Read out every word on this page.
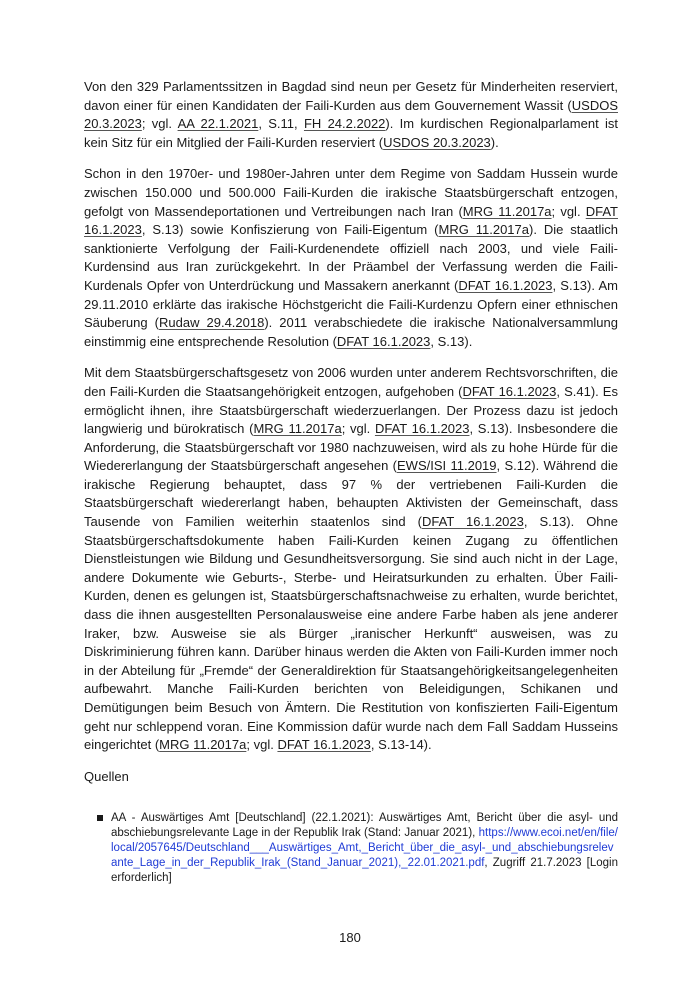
Von den 329 Parlamentssitzen in Bagdad sind neun per Gesetz für Minderheiten reserviert, davon einer für einen Kandidaten der Faili-Kurden aus dem Gouvernement Wassit (USDOS 20.3.2023; vgl. AA 22.1.2021, S.11, FH 24.2.2022). Im kurdischen Regionalparlament ist kein Sitz für ein Mitglied der Faili-Kurden reserviert (USDOS 20.3.2023).

Schon in den 1970er- und 1980er-Jahren unter dem Regime von Saddam Hussein wurde zwischen 150.000 und 500.000 Faili-Kurden die irakische Staatsbürgerschaft entzogen, gefolgt von Massendeportationen und Vertreibungen nach Iran (MRG 11.2017a; vgl. DFAT 16.1.2023, S.13) sowie Konfiszierung von Faili-Eigentum (MRG 11.2017a). Die staatlich sanktionierte Verfolgung der Faili-Kurdenendete offiziell nach 2003, und viele Faili-Kurdensind aus Iran zurückgekehrt. In der Präambel der Verfassung werden die Faili-Kurdenals Opfer von Unterdrückung und Massakern anerkannt (DFAT 16.1.2023, S.13). Am 29.11.2010 erklärte das irakische Höchstgericht die Faili-Kurdenzu Opfern einer ethnischen Säuberung (Rudaw 29.4.2018). 2011 verabschiedete die irakische Nationalversammlung einstimmig eine entsprechende Resolution (DFAT 16.1.2023, S.13).

Mit dem Staatsbürgerschaftsgesetz von 2006 wurden unter anderem Rechtsvorschriften, die den Faili-Kurden die Staatsangehörigkeit entzogen, aufgehoben (DFAT 16.1.2023, S.41). Es ermöglicht ihnen, ihre Staatsbürgerschaft wiederzuerlangen. Der Prozess dazu ist jedoch langwierig und bürokratisch (MRG 11.2017a; vgl. DFAT 16.1.2023, S.13). Insbesondere die Anforderung, die Staatsbürgerschaft vor 1980 nachzuweisen, wird als zu hohe Hürde für die Wiedererlangung der Staatsbürgerschaft angesehen (EWS/ISI 11.2019, S.12). Während die irakische Regierung behauptet, dass 97 % der vertriebenen Faili-Kurden die Staatsbürgerschaft wiedererlangt haben, behaupten Aktivisten der Gemeinschaft, dass Tausende von Familien weiterhin staatenlos sind (DFAT 16.1.2023, S.13). Ohne Staatsbürgerschaftsdokumente haben Faili-Kurden keinen Zugang zu öffentlichen Dienstleistungen wie Bildung und Gesundheitsversorgung. Sie sind auch nicht in der Lage, andere Dokumente wie Geburts-, Sterbe- und Heiratsurkunden zu erhalten. Über Faili-Kurden, denen es gelungen ist, Staatsbürgerschaftsnachweise zu erhalten, wurde berichtet, dass die ihnen ausgestellten Personalausweise eine andere Farbe haben als jene anderer Iraker, bzw. Ausweise sie als Bürger „iranischer Herkunft“ ausweisen, was zu Diskriminierung führen kann. Darüber hinaus werden die Akten von Faili-Kurden immer noch in der Abteilung für „Fremde“ der Generaldirektion für Staatsangehörigkeitsangelegenheiten aufbewahrt. Manche Faili-Kurden berichten von Beleidigungen, Schikanen und Demütigungen beim Besuch von Ämtern. Die Restitution von konfiszierten Faili-Eigentum geht nur schleppend voran. Eine Kommission dafür wurde nach dem Fall Saddam Husseins eingerichtet (MRG 11.2017a; vgl. DFAT 16.1.2023, S.13-14).

Quellen
AA - Auswärtiges Amt [Deutschland] (22.1.2021): Auswärtiges Amt, Bericht über die asyl- und abschiebungsrelevante Lage in der Republik Irak (Stand: Januar 2021), https://www.ecoi.net/en/file/local/2057645/Deutschland___Auswärtiges_Amt,_Bericht_über_die_asyl-_und_abschiebungsrelevante_Lage_in_der_Republik_Irak_(Stand_Januar_2021),_22.01.2021.pdf, Zugriff 21.7.2023 [Login erforderlich]
180
